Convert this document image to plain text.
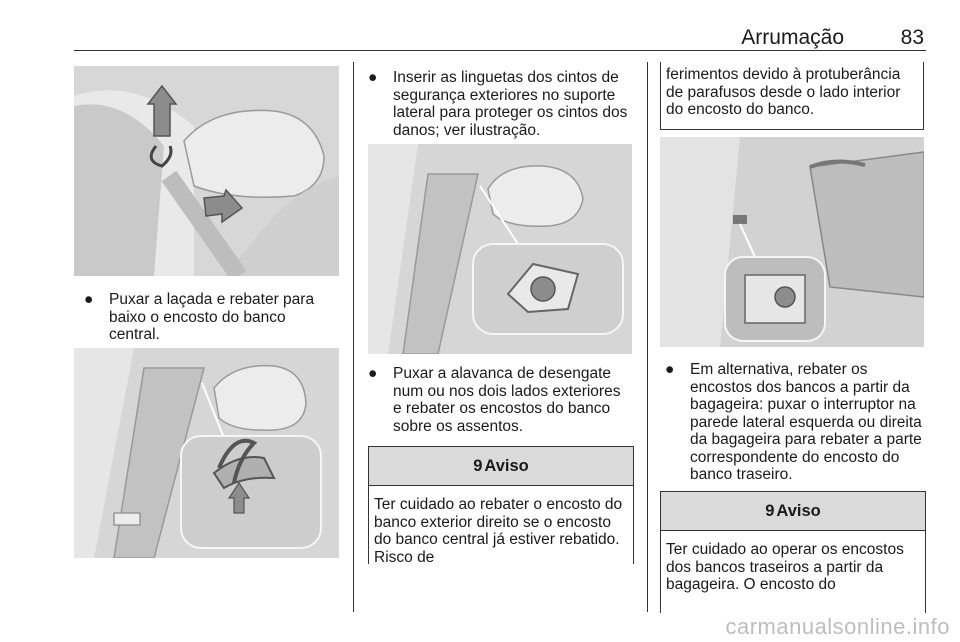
Arrumação	83
●	Puxar a laçada e rebater para baixo o encosto do banco central.
●	Inserir as linguetas dos cintos de segurança exteriores no suporte lateral para proteger os cintos dos danos; ver ilustração.
●	Puxar a alavanca de desengate num ou nos dois lados exteriores e rebater os encostos do banco sobre os assentos.
9 Aviso
Ter cuidado ao rebater o encosto do banco exterior direito se o encosto do banco central já estiver rebatido. Risco de
ferimentos devido à protuberância de parafusos desde o lado interior do encosto do banco.
●	Em alternativa, rebater os encostos dos bancos a partir da bagageira: puxar o interruptor na parede lateral esquerda ou direita da bagageira para rebater a parte correspondente do encosto do banco traseiro.
9 Aviso
Ter cuidado ao operar os encostos dos bancos traseiros a partir da bagageira. O encosto do
carmanualsonline.info
